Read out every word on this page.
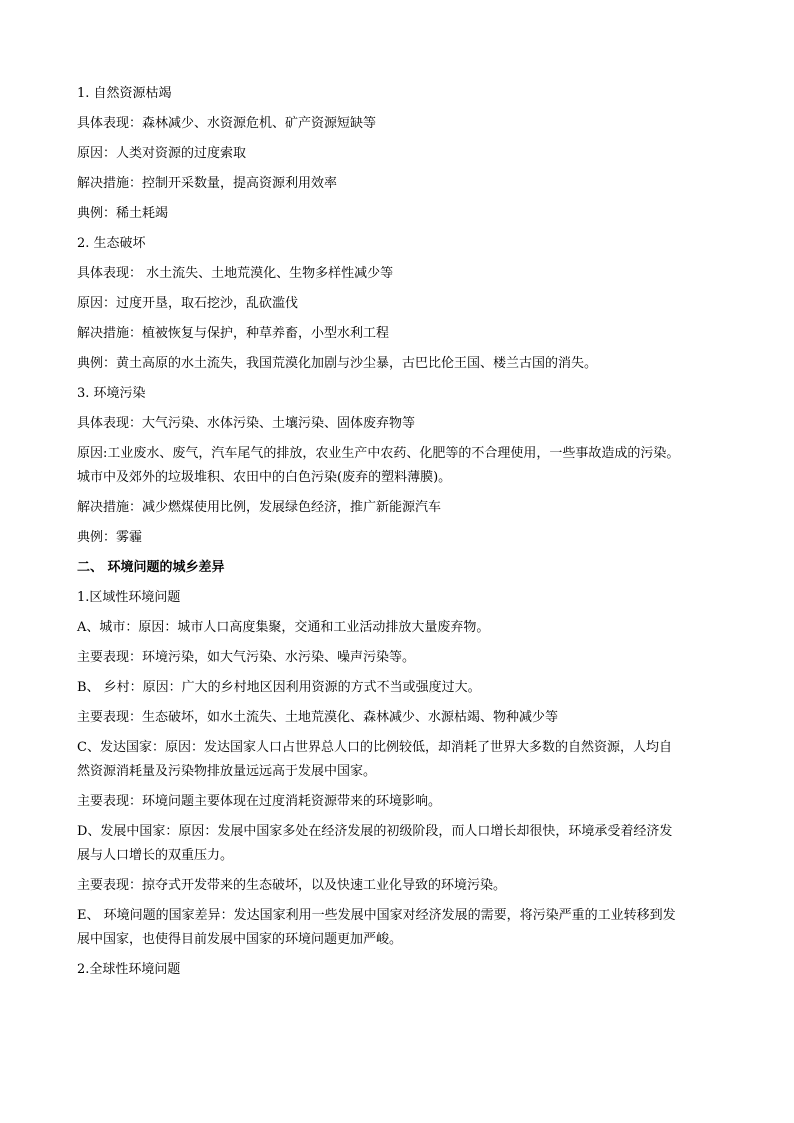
1. 自然资源枯竭
具体表现：森林减少、水资源危机、矿产资源短缺等
原因：人类对资源的过度索取
解决措施：控制开采数量，提高资源利用效率
典例：稀土耗竭
2. 生态破坏
具体表现： 水土流失、土地荒漠化、生物多样性减少等
原因：过度开垦，取石挖沙，乱砍滥伐
解决措施：植被恢复与保护，种草养畜，小型水利工程
典例：黄土高原的水土流失，我国荒漠化加剧与沙尘暴，古巴比伦王国、楼兰古国的消失。
3. 环境污染
具体表现：大气污染、水体污染、土壤污染、固体废弃物等
原因:工业废水、废气，汽车尾气的排放，农业生产中农药、化肥等的不合理使用，一些事故造成的污染。
城市中及郊外的垃圾堆积、农田中的白色污染(废弃的塑料薄膜)。
解决措施：减少燃煤使用比例，发展绿色经济，推广新能源汽车
典例：雾霾
二、 环境问题的城乡差异
1.区域性环境问题
A、城市：原因：城市人口高度集聚，交通和工业活动排放大量废弃物。
主要表现：环境污染，如大气污染、水污染、噪声污染等。
B、 乡村：原因：广大的乡村地区因利用资源的方式不当或强度过大。
主要表现：生态破坏，如水土流失、土地荒漠化、森林减少、水源枯竭、物种减少等
C、发达国家：原因：发达国家人口占世界总人口的比例较低，却消耗了世界大多数的自然资源，人均自
然资源消耗量及污染物排放量远远高于发展中国家。
主要表现：环境问题主要体现在过度消耗资源带来的环境影响。
D、发展中国家：原因：发展中国家多处在经济发展的初级阶段，而人口增长却很快，环境承受着经济发
展与人口增长的双重压力。
主要表现：掠夺式开发带来的生态破坏，以及快速工业化导致的环境污染。
E、 环境问题的国家差异：发达国家利用一些发展中国家对经济发展的需要，将污染严重的工业转移到发
展中国家，也使得目前发展中国家的环境问题更加严峻。
2.全球性环境问题
